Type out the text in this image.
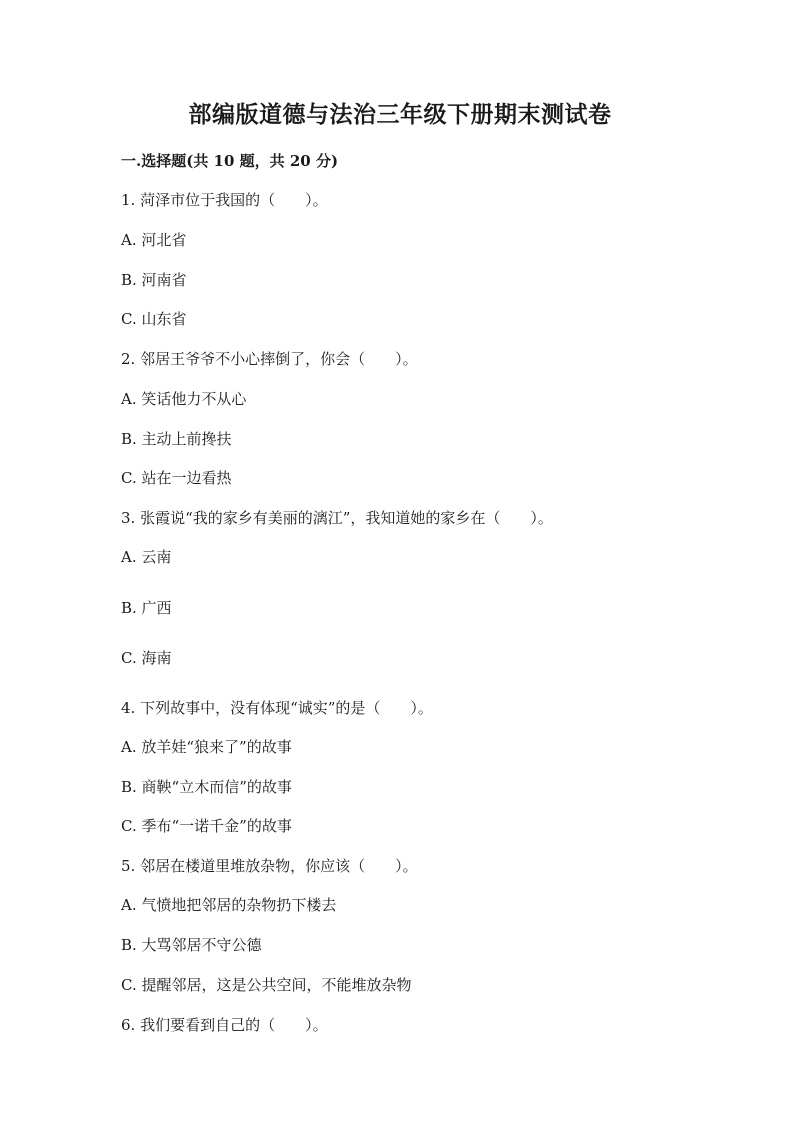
部编版道德与法治三年级下册期末测试卷
一.选择题(共 10 题，共 20 分)

1. 菏泽市位于我国的（　　）。

A. 河北省

B. 河南省

C. 山东省

2. 邻居王爷爷不小心摔倒了，你会（　　）。

A. 笑话他力不从心

B. 主动上前搀扶

C. 站在一边看热

3. 张霞说“我的家乡有美丽的漓江”，我知道她的家乡在（　　）。

A. 云南

B. 广西

C. 海南

4. 下列故事中，没有体现“诚实”的是（　　）。

A. 放羊娃“狼来了”的故事

B. 商鞅“立木而信”的故事

C. 季布“一诺千金”的故事

5. 邻居在楼道里堆放杂物，你应该（　　）。

A. 气愤地把邻居的杂物扔下楼去

B. 大骂邻居不守公德

C. 提醒邻居，这是公共空间，不能堆放杂物

6. 我们要看到自己的（　　）。
